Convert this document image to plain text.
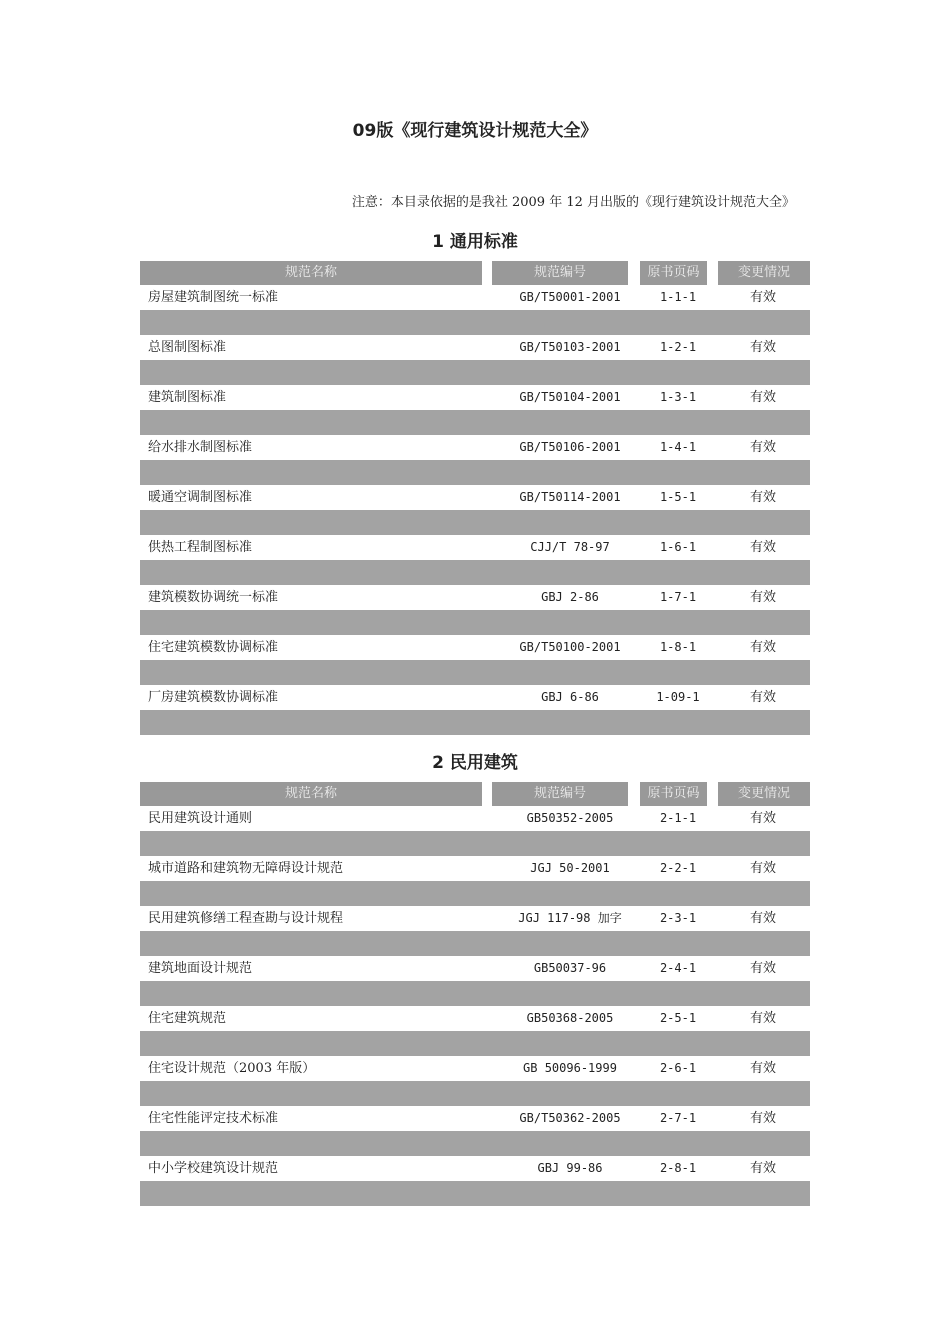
09版《现行建筑设计规范大全》
注意：本目录依据的是我社 2009 年 12 月出版的《现行建筑设计规范大全》
1 通用标准
规范名称	规范编号	原书页码	变更情况
房屋建筑制图统一标准	GB/T50001-2001	1-1-1	有效
总图制图标准	GB/T50103-2001	1-2-1	有效
建筑制图标准	GB/T50104-2001	1-3-1	有效
给水排水制图标准	GB/T50106-2001	1-4-1	有效
暖通空调制图标准	GB/T50114-2001	1-5-1	有效
供热工程制图标准	CJJ/T 78-97	1-6-1	有效
建筑模数协调统一标准	GBJ 2-86	1-7-1	有效
住宅建筑模数协调标准	GB/T50100-2001	1-8-1	有效
厂房建筑模数协调标准	GBJ 6-86	1-09-1	有效
2 民用建筑
规范名称	规范编号	原书页码	变更情况
民用建筑设计通则	GB50352-2005	2-1-1	有效
城市道路和建筑物无障碍设计规范	JGJ 50-2001	2-2-1	有效
民用建筑修缮工程查勘与设计规程	JGJ 117-98 加字	2-3-1	有效
建筑地面设计规范	GB50037-96	2-4-1	有效
住宅建筑规范	GB50368-2005	2-5-1	有效
住宅设计规范（2003 年版）	GB 50096-1999	2-6-1	有效
住宅性能评定技术标准	GB/T50362-2005	2-7-1	有效
中小学校建筑设计规范	GBJ 99-86	2-8-1	有效
